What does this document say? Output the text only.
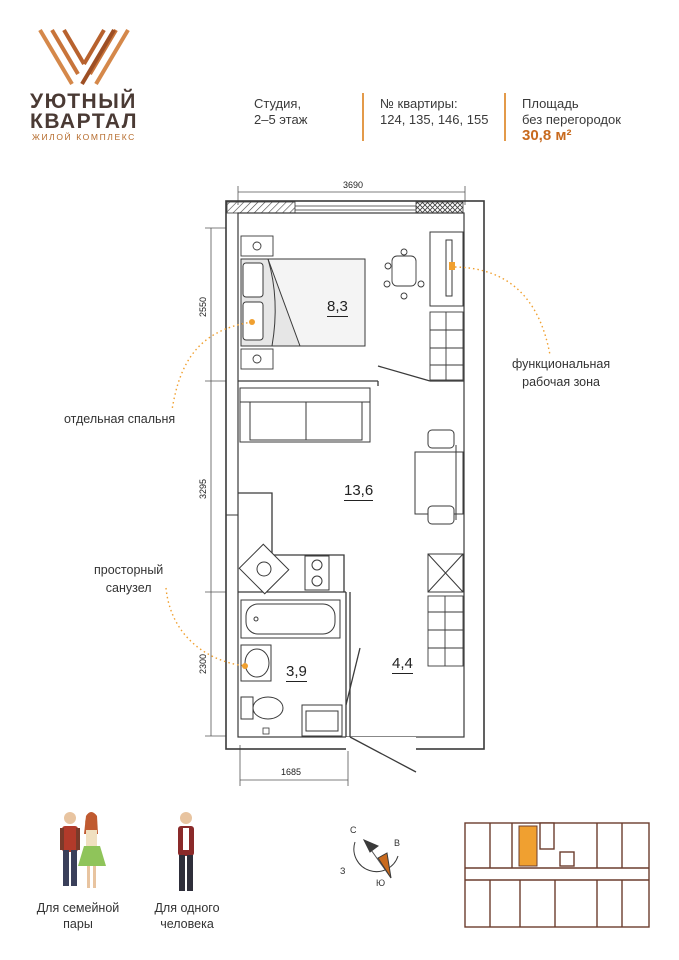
УЮТНЫЙ
КВАРТАЛ
ЖИЛОЙ КОМПЛЕКС
Студия,
2–5 этаж
№ квартиры:
124, 135, 146, 155
Площадь
без перегородок
30,8 м²
3690
2550
3295
2300
1685
8,3
13,6
3,9	4,4
отдельная спальня
просторный
санузел
функциональная
рабочая зона
С
В
З
Ю
Для семейной
пары
Для одного
человека
